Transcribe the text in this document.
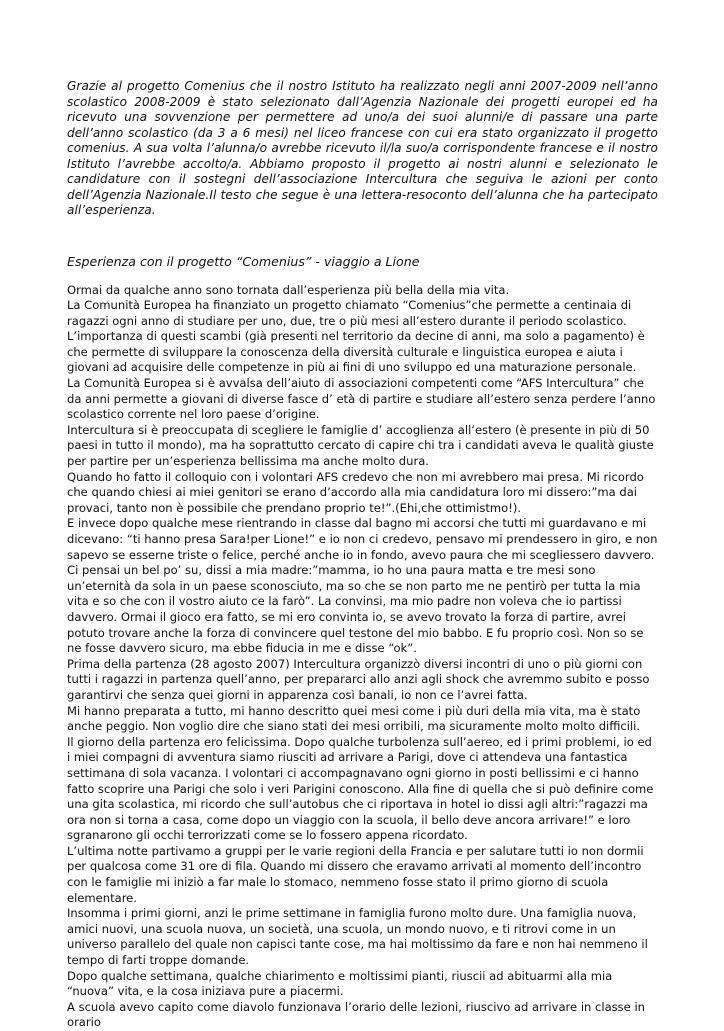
Grazie al progetto Comenius che il nostro Istituto ha realizzato negli anni 2007-2009 nell’anno scolastico 2008-2009 è stato selezionato dall’Agenzia Nazionale dei progetti europei ed ha ricevuto una sovvenzione per permettere ad uno/a dei suoi alunni/e di passare una parte dell’anno scolastico (da 3 a 6 mesi) nel liceo francese con cui era stato organizzato il progetto comenius. A sua volta l’alunna/o avrebbe ricevuto il/la suo/a corrispondente francese e il nostro Istituto l’avrebbe accolto/a. Abbiamo proposto il progetto ai nostri alunni e selezionato le candidature con il sostegni dell’associazione Intercultura che seguiva le azioni per conto dell’Agenzia Nazionale.Il testo che segue è una lettera-resoconto dell’alunna che ha partecipato all’esperienza.

Esperienza con il progetto “Comenius” - viaggio a Lione

Ormai da qualche anno sono tornata dall’esperienza più bella della mia vita.

La Comunità Europea ha finanziato un progetto chiamato “Comenius”che permette a centinaia di ragazzi ogni anno di studiare per uno, due, tre o più mesi all’estero durante il periodo scolastico. L’importanza di questi scambi (già presenti nel territorio da decine di anni, ma solo a pagamento) è che permette di sviluppare la conoscenza della diversità culturale e linguistica europea e aiuta i giovani ad acquisire delle competenze in più ai fini di uno sviluppo ed una maturazione personale.

La Comunità Europea si è avvalsa dell’aiuto di associazioni competenti come “AFS Intercultura” che da anni permette a giovani di diverse fasce d’ età di partire e studiare all’estero senza perdere l’anno scolastico corrente nel loro paese d’origine.

Intercultura si è preoccupata di scegliere le famiglie d’ accoglienza all‘estero (è presente in più di 50 paesi in tutto il mondo), ma ha soprattutto cercato di capire chi tra i candidati aveva le qualità giuste per partire per un’esperienza bellissima ma anche molto dura.

Quando ho fatto il colloquio con i volontari AFS credevo che non mi avrebbero mai presa. Mi ricordo che quando chiesi ai miei genitori se erano d’accordo alla mia candidatura loro mi dissero:”ma dai provaci, tanto non è possibile che prendano proprio te!”.(Ehi,che ottimistmo!).

E invece dopo qualche mese rientrando in classe dal bagno mi accorsi che tutti mi guardavano e mi dicevano: “ti hanno presa Sara!per Lione!” e io non ci credevo, pensavo mi prendessero in giro, e non sapevo se esserne triste o felice, perché anche io in fondo, avevo paura che mi scegliessero davvero.

Ci pensai un bel po’ su, dissi a mia madre:”mamma, io ho una paura matta e tre mesi sono un’eternità da sola in un paese sconosciuto, ma so che se non parto me ne pentirò per tutta la mia vita e so che con il vostro aiuto ce la farò”. La convinsi, ma mio padre non voleva che io partissi davvero. Ormai il gioco era fatto, se mi ero convinta io, se avevo trovato la forza di partire, avrei potuto trovare anche la forza di convincere quel testone del mio babbo. E fu proprio così. Non so se ne fosse davvero sicuro, ma ebbe fiducia in me e disse “ok”.

Prima della partenza (28 agosto 2007) Intercultura organizzò diversi incontri di uno o più giorni con tutti i ragazzi in partenza quell’anno, per prepararci allo anzi agli shock che avremmo subito e posso garantirvi che senza quei giorni in apparenza così banali, io non ce l’avrei fatta.

Mi hanno preparata a tutto, mi hanno descritto quei mesi come i più duri della mia vita, ma è stato anche peggio. Non voglio dire che siano stati dei mesi orribili, ma sicuramente molto molto difficili.

Il giorno della partenza ero felicissima. Dopo qualche turbolenza sull’aereo, ed i primi problemi, io ed i miei compagni di avventura siamo riusciti ad arrivare a Parigi, dove ci attendeva una fantastica settimana di sola vacanza. I volontari ci accompagnavano ogni giorno in posti bellissimi e ci hanno fatto scoprire una Parigi che solo i veri Parigini conoscono. Alla fine di quella che si può definire come una gita scolastica, mi ricordo che sull’autobus che ci riportava in hotel io dissi agli altri:”ragazzi ma ora non si torna a casa, come dopo un viaggio con la scuola, il bello deve ancora arrivare!” e loro sgranarono gli occhi terrorizzati come se lo fossero appena ricordato.

L’ultima notte partivamo a gruppi per le varie regioni della Francia e per salutare tutti io non dormii per qualcosa come 31 ore di fila. Quando mi dissero che eravamo arrivati al momento dell’incontro con le famiglie mi iniziò a far male lo stomaco, nemmeno fosse stato il primo giorno di scuola elementare.

Insomma i primi giorni, anzi le prime settimane in famiglia furono molto dure. Una famiglia nuova, amici nuovi, una scuola nuova, un società, una scuola, un mondo nuovo, e ti ritrovi come in un universo parallelo del quale non capisci tante cose, ma hai moltissimo da fare e non hai nemmeno il tempo di farti troppe domande.

Dopo qualche settimana, qualche chiarimento e moltissimi pianti, riuscii ad abituarmi alla mia “nuova” vita, e la cosa iniziava pure a piacermi.

A scuola avevo capito come diavolo funzionava l’orario delle lezioni, riuscivo ad arrivare in classe in orario
